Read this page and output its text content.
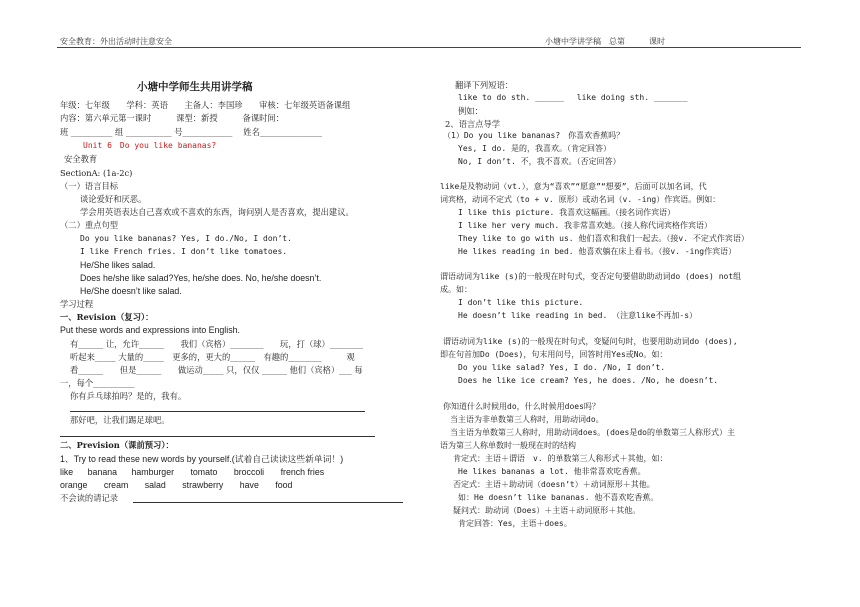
安全教育：外出活动时注意安全	小塘中学讲学稿　总第　　　课时
小塘中学师生共用讲学稿
年级：七年级　　学科：英语　　主备人：李国珍　　审核：七年级英语备课组
内容：第六单元第一课时　　　课型：新授　　　备课时间：
班 __________ 组 ___________ 号____________ 　姓名_______________
Unit 6　Do you like bananas?
安全教育
SectionA: (1a-2c)
（一）语言目标
谈论爱好和厌恶。
学会用英语表达自己喜欢或不喜欢的东西，询问别人是否喜欢，提出建议。
（二）重点句型
Do you like bananas? Yes, I do./No, I don’t.
I like French fries. I don’t like tomatoes.
He/She likes salad.
Does he/she like salad?Yes, he/she does. No, he/she doesn’t.
He/She doesn’t like salad.
学习过程
一、Revision（复习）：
Put these words and expressions into English.
有______ 让，允许______　　我们（宾格）________　　玩，打（球）________
听起来_____ 大量的_____　更多的，更大的______　有趣的________　　　观
看______　　但是______　　做运动_____ 只，仅仅 ______ 他们（宾格）___ 每
一，每个__________
你有乒乓球拍吗？是的，我有。
那好吧，让我们踢足球吧。
二、Prevision（课前预习）：
1、Try to read these new words by yourself.(试着自己读读这些新单词！)
like banana hamburger tomato broccoli french fries
orange cream salad strawberry have food
不会读的请记录
翻译下列短语：
like to do sth. ______　 like doing sth. _______
例如：
2、语言点导学
（1）Do you like bananas?　你喜欢香蕉吗？
Yes, I do. 是的，我喜欢。（肯定回答）
No, I don’t. 不，我不喜欢。（否定回答）
like是及物动词（vt.），意为“喜欢”“愿意”“想要”，后面可以加名词，代
词宾格，动词不定式（to + v. 原形）或动名词（v. -ing）作宾语。例如：
I like this picture. 我喜欢这幅画。（接名词作宾语）
I like her very much. 我非常喜欢她。（接人称代词宾格作宾语）
They like to go with us. 他们喜欢和我们一起去。（接v. 不定式作宾语）
He likes reading in bed. 他喜欢躺在床上看书。（接v. -ing作宾语）
谓语动词为like (s)的一般现在时句式，变否定句要借助助动词do (does) not组
成。如：
I don’t like this picture.
He doesn’t like reading in bed. （注意like不再加-s）
谓语动词为like (s)的一般现在时句式，变疑问句时，也要用助动词do (does),
即在句首加Do (Does)，句末用问号，回答时用Yes或No。如：
Do you like salad? Yes, I do. /No, I don’t.
Does he like ice cream? Yes, he does. /No, he doesn’t.
你知道什么时候用do，什么时候用does吗？
当主语为非单数第三人称时，用助动词do。
当主语为单数第三人称时，用助动词does。(does是do的单数第三人称形式）主
语为第三人称单数时一般现在时的结构
肯定式：主语＋谓语　v. 的单数第三人称形式＋其他，如：
He likes bananas a lot. 他非常喜欢吃香蕉。
否定式：主语＋助动词（doesn’t）＋动词原形＋其他。
如：He doesn’t like bananas. 他不喜欢吃香蕉。
疑问式：助动词（Does）＋主语＋动词原形＋其他。
肯定回答：Yes，主语＋does。
